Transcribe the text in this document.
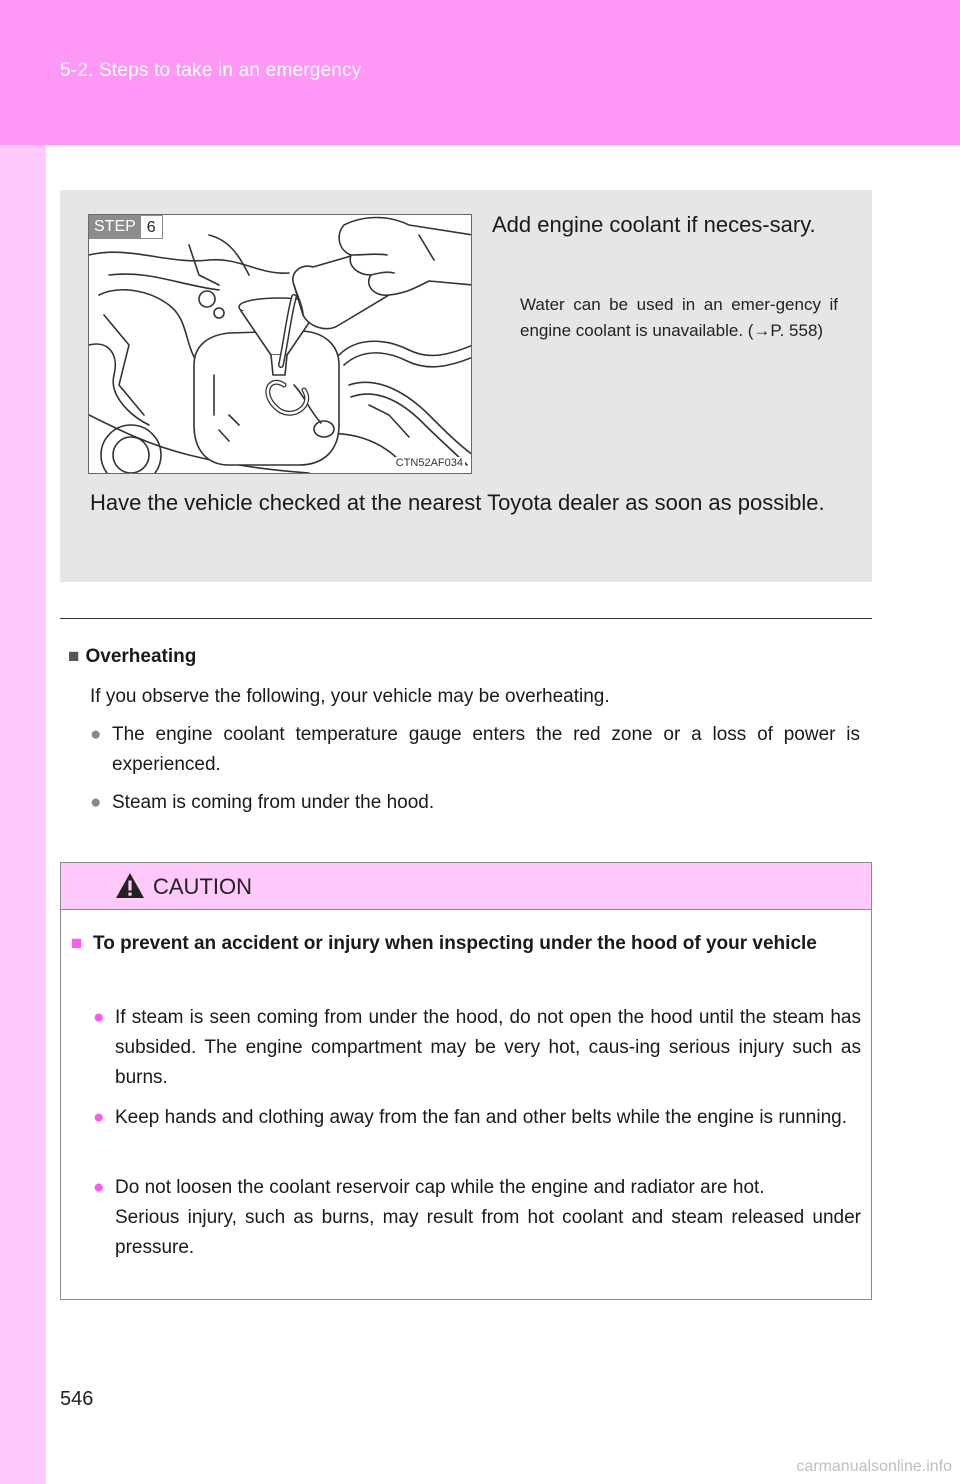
5-2. Steps to take in an emergency
STEP 6
CTN52AF034
Add engine coolant if neces-sary.
Water can be used in an emer-gency if engine coolant is unavailable. (→P. 558)
Have the vehicle checked at the nearest Toyota dealer as soon as possible.
■ Overheating
If you observe the following, your vehicle may be overheating.
● The engine coolant temperature gauge enters the red zone or a loss of power is experienced.
● Steam is coming from under the hood.
CAUTION
■ To prevent an accident or injury when inspecting under the hood of your vehicle
● If steam is seen coming from under the hood, do not open the hood until the steam has subsided. The engine compartment may be very hot, caus-ing serious injury such as burns.

● Keep hands and clothing away from the fan and other belts while the engine is running.

● Do not loosen the coolant reservoir cap while the engine and radiator are hot.

Serious injury, such as burns, may result from hot coolant and steam released under pressure.

546
carmanualsonline.info
